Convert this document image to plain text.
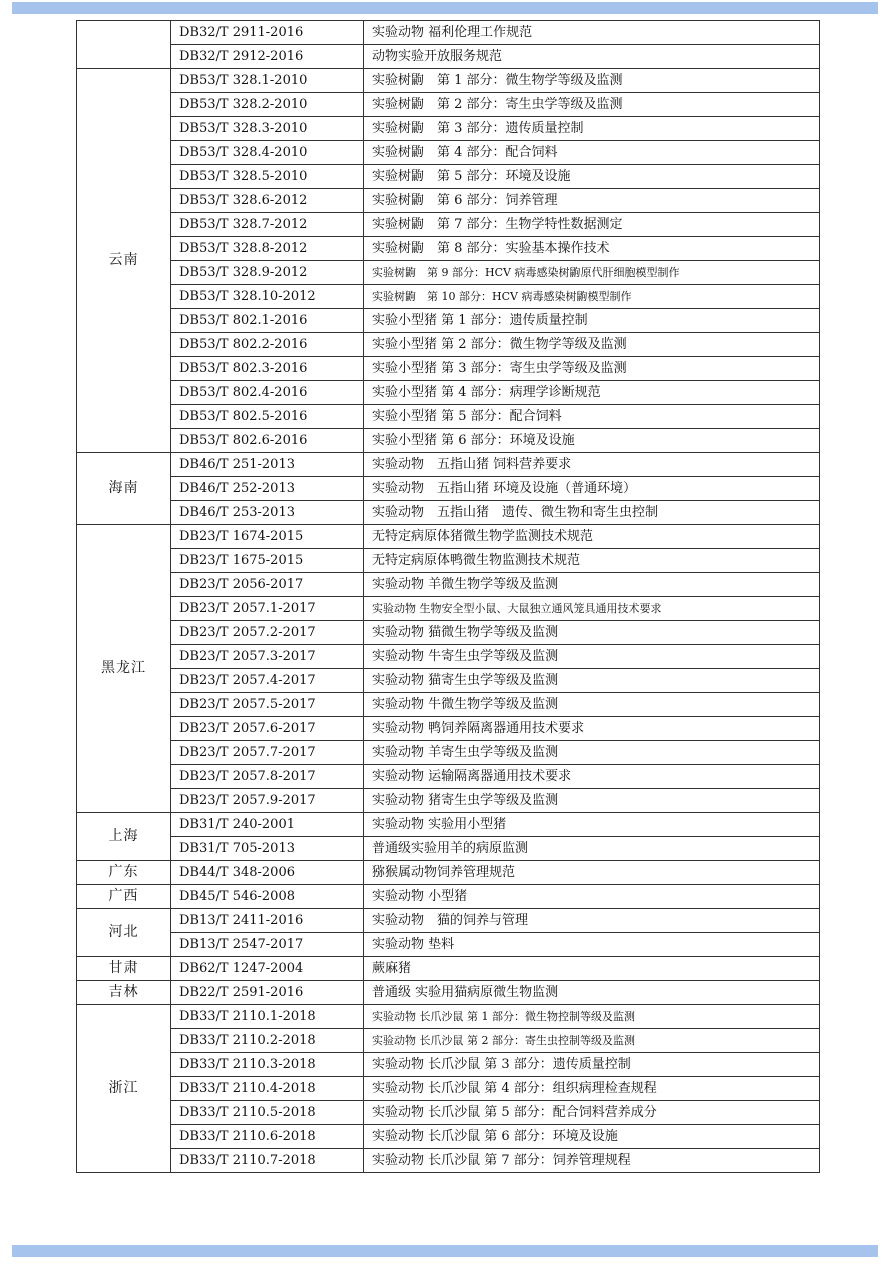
	DB32/T 2911-2016	实验动物 福利伦理工作规范
	DB32/T 2912-2016	动物实验开放服务规范
云南	DB53/T 328.1-2010	实验树鼩　第 1 部分：微生物学等级及监测
	DB53/T 328.2-2010	实验树鼩　第 2 部分：寄生虫学等级及监测
	DB53/T 328.3-2010	实验树鼩　第 3 部分：遗传质量控制
	DB53/T 328.4-2010	实验树鼩　第 4 部分：配合饲料
	DB53/T 328.5-2010	实验树鼩　第 5 部分：环境及设施
	DB53/T 328.6-2012	实验树鼩　第 6 部分：饲养管理
	DB53/T 328.7-2012	实验树鼩　第 7 部分：生物学特性数据测定
	DB53/T 328.8-2012	实验树鼩　第 8 部分：实验基本操作技术
	DB53/T 328.9-2012	实验树鼩　第 9 部分：HCV 病毒感染树鼩原代肝细胞模型制作
	DB53/T 328.10-2012	实验树鼩　第 10 部分：HCV 病毒感染树鼩模型制作
	DB53/T 802.1-2016	实验小型猪 第 1 部分：遗传质量控制
	DB53/T 802.2-2016	实验小型猪 第 2 部分：微生物学等级及监测
	DB53/T 802.3-2016	实验小型猪 第 3 部分：寄生虫学等级及监测
	DB53/T 802.4-2016	实验小型猪 第 4 部分：病理学诊断规范
	DB53/T 802.5-2016	实验小型猪 第 5 部分：配合饲料
	DB53/T 802.6-2016	实验小型猪 第 6 部分：环境及设施
海南	DB46/T 251-2013	实验动物　五指山猪 饲料营养要求
	DB46/T 252-2013	实验动物　五指山猪 环境及设施（普通环境）
	DB46/T 253-2013	实验动物　五指山猪　遗传、微生物和寄生虫控制
黑龙江	DB23/T 1674-2015	无特定病原体猪微生物学监测技术规范
	DB23/T 1675-2015	无特定病原体鸭微生物监测技术规范
	DB23/T 2056-2017	实验动物 羊微生物学等级及监测
	DB23/T 2057.1-2017	实验动物 生物安全型小鼠、大鼠独立通风笼具通用技术要求
	DB23/T 2057.2-2017	实验动物 猫微生物学等级及监测
	DB23/T 2057.3-2017	实验动物 牛寄生虫学等级及监测
	DB23/T 2057.4-2017	实验动物 猫寄生虫学等级及监测
	DB23/T 2057.5-2017	实验动物 牛微生物学等级及监测
	DB23/T 2057.6-2017	实验动物 鸭饲养隔离器通用技术要求
	DB23/T 2057.7-2017	实验动物 羊寄生虫学等级及监测
	DB23/T 2057.8-2017	实验动物 运输隔离器通用技术要求
	DB23/T 2057.9-2017	实验动物 猪寄生虫学等级及监测
上海	DB31/T 240-2001	实验动物 实验用小型猪
	DB31/T 705-2013	普通级实验用羊的病原监测
广东	DB44/T 348-2006	猕猴属动物饲养管理规范
广西	DB45/T 546-2008	实验动物 小型猪
河北	DB13/T 2411-2016	实验动物　猫的饲养与管理
	DB13/T 2547-2017	实验动物 垫料
甘肃	DB62/T 1247-2004	蕨麻猪
吉林	DB22/T 2591-2016	普通级 实验用猫病原微生物监测
浙江	DB33/T 2110.1-2018	实验动物 长爪沙鼠 第 1 部分：微生物控制等级及监测
	DB33/T 2110.2-2018	实验动物 长爪沙鼠 第 2 部分：寄生虫控制等级及监测
	DB33/T 2110.3-2018	实验动物 长爪沙鼠 第 3 部分：遗传质量控制
	DB33/T 2110.4-2018	实验动物 长爪沙鼠 第 4 部分：组织病理检查规程
	DB33/T 2110.5-2018	实验动物 长爪沙鼠 第 5 部分：配合饲料营养成分
	DB33/T 2110.6-2018	实验动物 长爪沙鼠 第 6 部分：环境及设施
	DB33/T 2110.7-2018	实验动物 长爪沙鼠 第 7 部分：饲养管理规程
